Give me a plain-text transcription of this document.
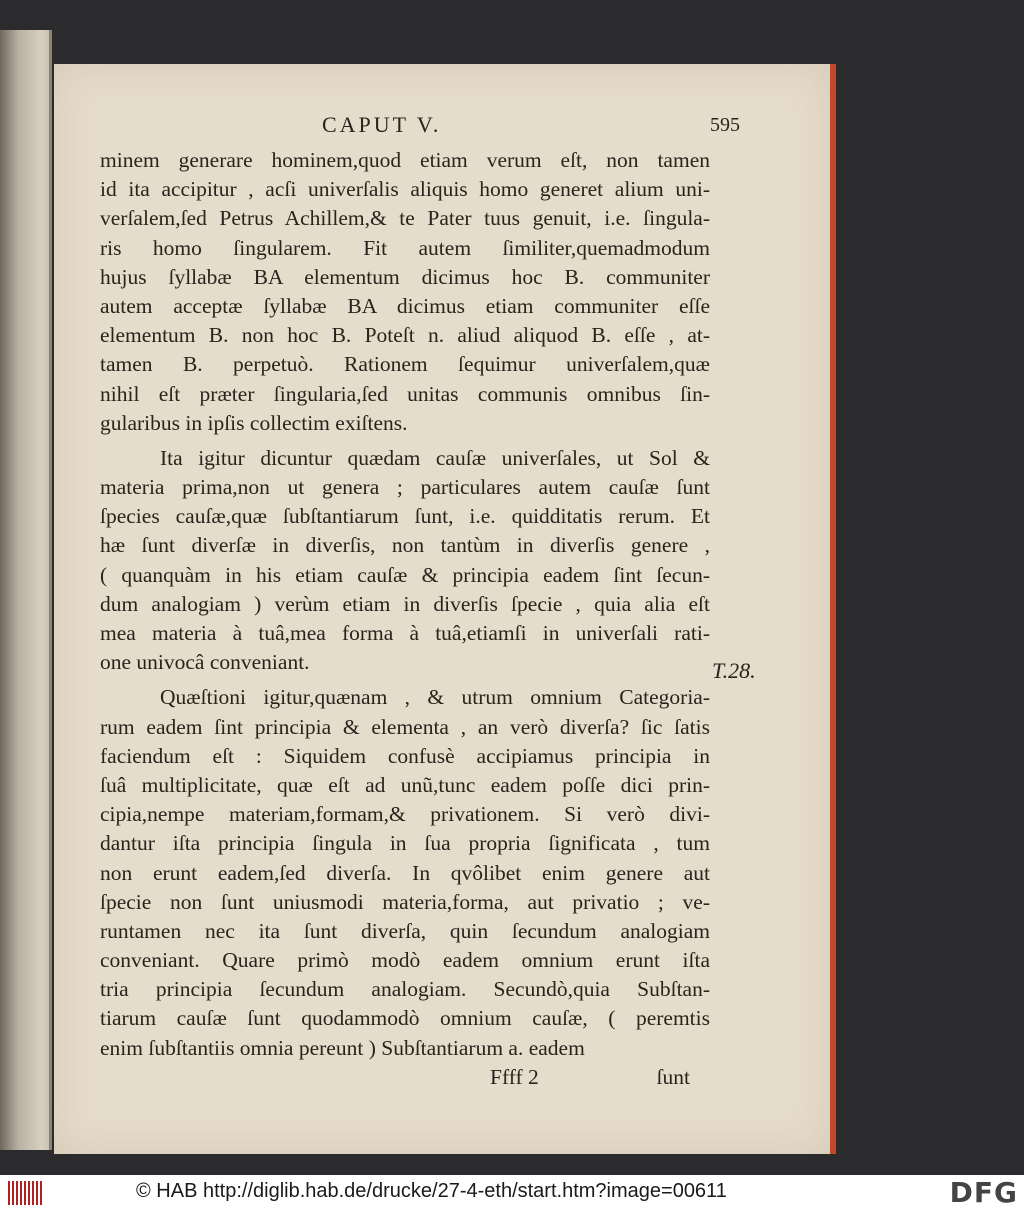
CAPUT V.	595
minem generare hominem,quod etiam verum eſt, non tamen
id ita accipitur , acſi univerſalis aliquis homo generet alium uni-
verſalem,ſed Petrus Achillem,& te Pater tuus genuit, i.e. ſingula-
ris homo ſingularem. Fit autem ſimiliter,quemadmodum
hujus ſyllabæ BA elementum dicimus hoc B. communiter
autem acceptæ ſyllabæ BA dicimus etiam communiter eſſe
elementum B. non hoc B. Poteſt n. aliud aliquod B. eſſe , at-
tamen B. perpetuò. Rationem ſequimur univerſalem,quæ
nihil eſt præter ſingularia,ſed unitas communis omnibus ſin-
gularibus in ipſis collectim exiſtens.
Ita igitur dicuntur quædam cauſæ univerſales, ut Sol &
materia prima,non ut genera ; particulares autem cauſæ ſunt
ſpecies cauſæ,quæ ſubſtantiarum ſunt, i.e. quidditatis rerum. Et
hæ ſunt diverſæ in diverſis, non tantùm in diverſis genere ,
( quanquàm in his etiam cauſæ & principia eadem ſint ſecun-
dum analogiam ) verùm etiam in diverſis ſpecie , quia alia eſt
mea materia à tuâ,mea forma à tuâ,etiamſi in univerſali rati-
one univocâ conveniant.
Quæſtioni igitur,quænam , & utrum omnium Categoria-
rum eadem ſint principia & elementa , an verò diverſa? ſic ſatis
faciendum eſt : Siquidem confusè accipiamus principia in
ſuâ multiplicitate, quæ eſt ad unũ,tunc eadem poſſe dici prin-
cipia,nempe materiam,formam,& privationem. Si verò divi-
dantur iſta principia ſingula in ſua propria ſignificata , tum
non erunt eadem,ſed diverſa. In qvôlibet enim genere aut
ſpecie non ſunt uniusmodi materia,forma, aut privatio ; ve-
runtamen nec ita ſunt diverſa, quin ſecundum analogiam
conveniant. Quare primò modò eadem omnium erunt iſta
tria principia ſecundum analogiam. Secundò,quia Subſtan-
tiarum cauſæ ſunt quodammodò omnium cauſæ, ( peremtis
enim ſubſtantiis omnia pereunt ) Subſtantiarum a. eadem
Ffff 2	ſunt
T.28.
© HAB http://diglib.hab.de/drucke/27-4-eth/start.htm?image=00611	DFG
